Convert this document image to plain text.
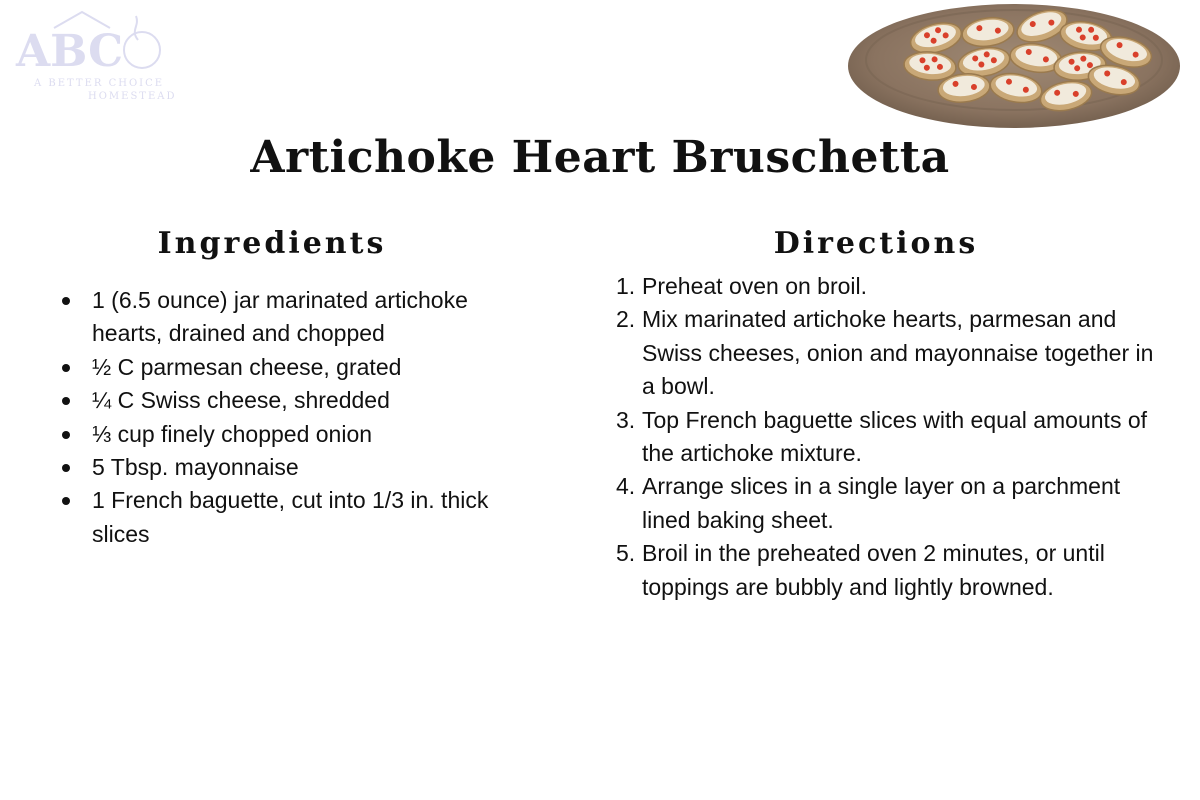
ABC
A BETTER CHOICE
HOMESTEAD
Artichoke Heart Bruschetta
Ingredients	Directions
1 (6.5 ounce) jar marinated artichoke hearts, drained and chopped
½ C parmesan cheese, grated
¼ C Swiss cheese, shredded
⅓ cup finely chopped onion
5 Tbsp. mayonnaise
1 French baguette, cut into 1/3 in. thick slices
1. Preheat oven on broil.
2. Mix marinated artichoke hearts, parmesan and Swiss cheeses, onion and mayonnaise together in a bowl.
3. Top French baguette slices with equal amounts of the artichoke mixture.
4. Arrange slices in a single layer on a parchment lined baking sheet.
5. Broil in the preheated oven 2 minutes, or until toppings are bubbly and lightly browned.
